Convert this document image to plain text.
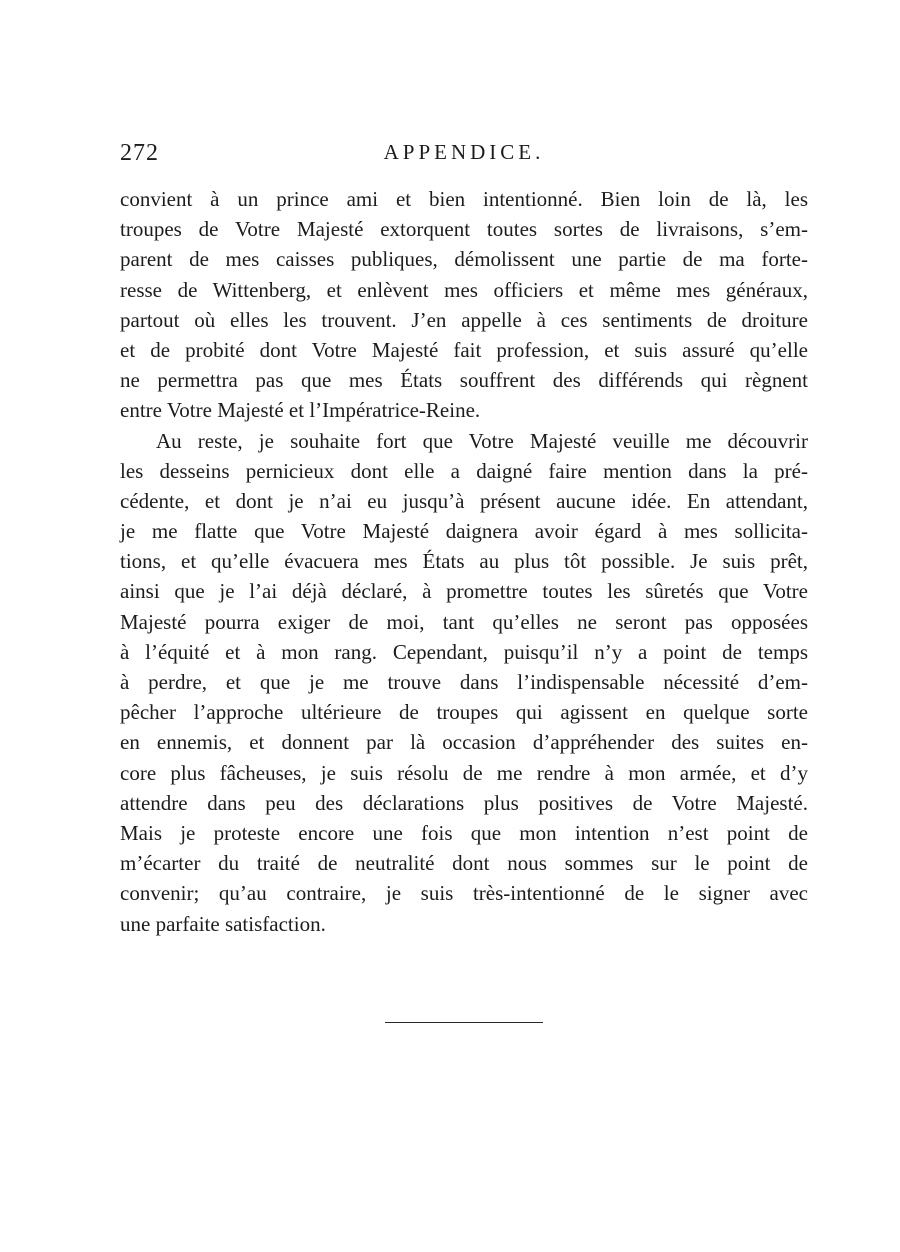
272	APPENDICE.
convient à un prince ami et bien intentionné. Bien loin de là, les
troupes de Votre Majesté extorquent toutes sortes de livraisons, s’em-
parent de mes caisses publiques, démolissent une partie de ma forte-
resse de Wittenberg, et enlèvent mes officiers et même mes généraux,
partout où elles les trouvent. J’en appelle à ces sentiments de droiture
et de probité dont Votre Majesté fait profession, et suis assuré qu’elle
ne permettra pas que mes États souffrent des différends qui règnent
entre Votre Majesté et l’Impératrice-Reine.
Au reste, je souhaite fort que Votre Majesté veuille me découvrir
les desseins pernicieux dont elle a daigné faire mention dans la pré-
cédente, et dont je n’ai eu jusqu’à présent aucune idée. En attendant,
je me flatte que Votre Majesté daignera avoir égard à mes sollicita-
tions, et qu’elle évacuera mes États au plus tôt possible. Je suis prêt,
ainsi que je l’ai déjà déclaré, à promettre toutes les sûretés que Votre
Majesté pourra exiger de moi, tant qu’elles ne seront pas opposées
à l’équité et à mon rang. Cependant, puisqu’il n’y a point de temps
à perdre, et que je me trouve dans l’indispensable nécessité d’em-
pêcher l’approche ultérieure de troupes qui agissent en quelque sorte
en ennemis, et donnent par là occasion d’appréhender des suites en-
core plus fâcheuses, je suis résolu de me rendre à mon armée, et d’y
attendre dans peu des déclarations plus positives de Votre Majesté.
Mais je proteste encore une fois que mon intention n’est point de
m’écarter du traité de neutralité dont nous sommes sur le point de
convenir; qu’au contraire, je suis très-intentionné de le signer avec
une parfaite satisfaction.
